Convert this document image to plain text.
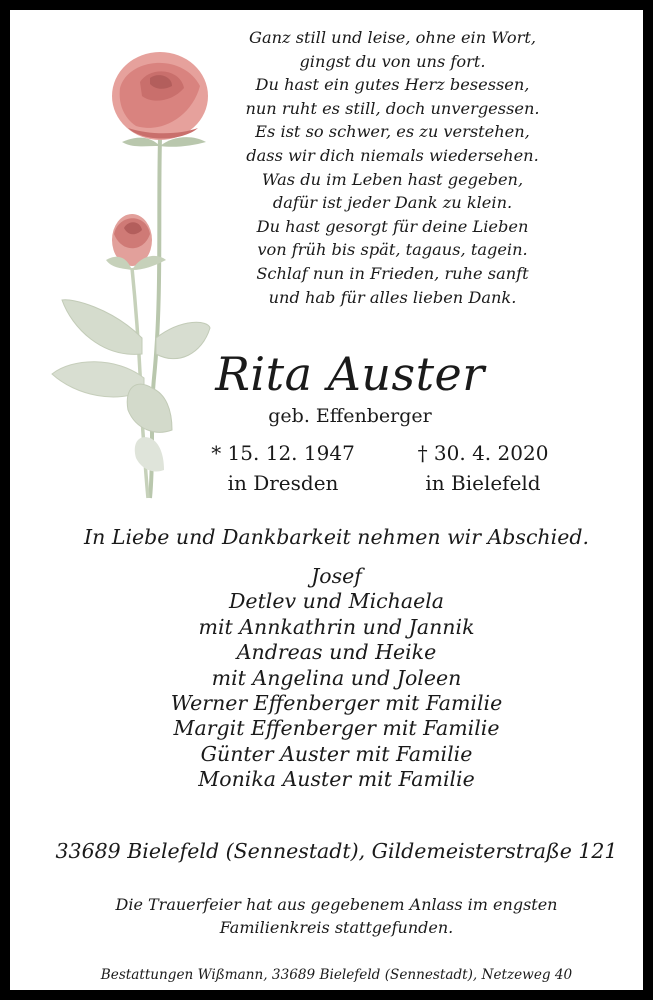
Ganz still und leise, ohne ein Wort,
gingst du von uns fort.
Du hast ein gutes Herz besessen,
nun ruht es still, doch unvergessen.
Es ist so schwer, es zu verstehen,
dass wir dich niemals wiedersehen.
Was du im Leben hast gegeben,
dafür ist jeder Dank zu klein.
Du hast gesorgt für deine Lieben
von früh bis spät, tagaus, tagein.
Schlaf nun in Frieden, ruhe sanft
und hab für alles lieben Dank.
Rita Auster
geb. Effenberger
* 15. 12. 1947
in Dresden
† 30. 4. 2020
in Bielefeld
In Liebe und Dankbarkeit nehmen wir Abschied.
Josef
Detlev und Michaela
mit Annkathrin und Jannik
Andreas und Heike
mit Angelina und Joleen
Werner Effenberger mit Familie
Margit Effenberger mit Familie
Günter Auster mit Familie
Monika Auster mit Familie
33689 Bielefeld (Sennestadt), Gildemeisterstraße 121
Die Trauerfeier hat aus gegebenem Anlass im engsten
Familienkreis stattgefunden.
Bestattungen Wißmann, 33689 Bielefeld (Sennestadt), Netzeweg 40
